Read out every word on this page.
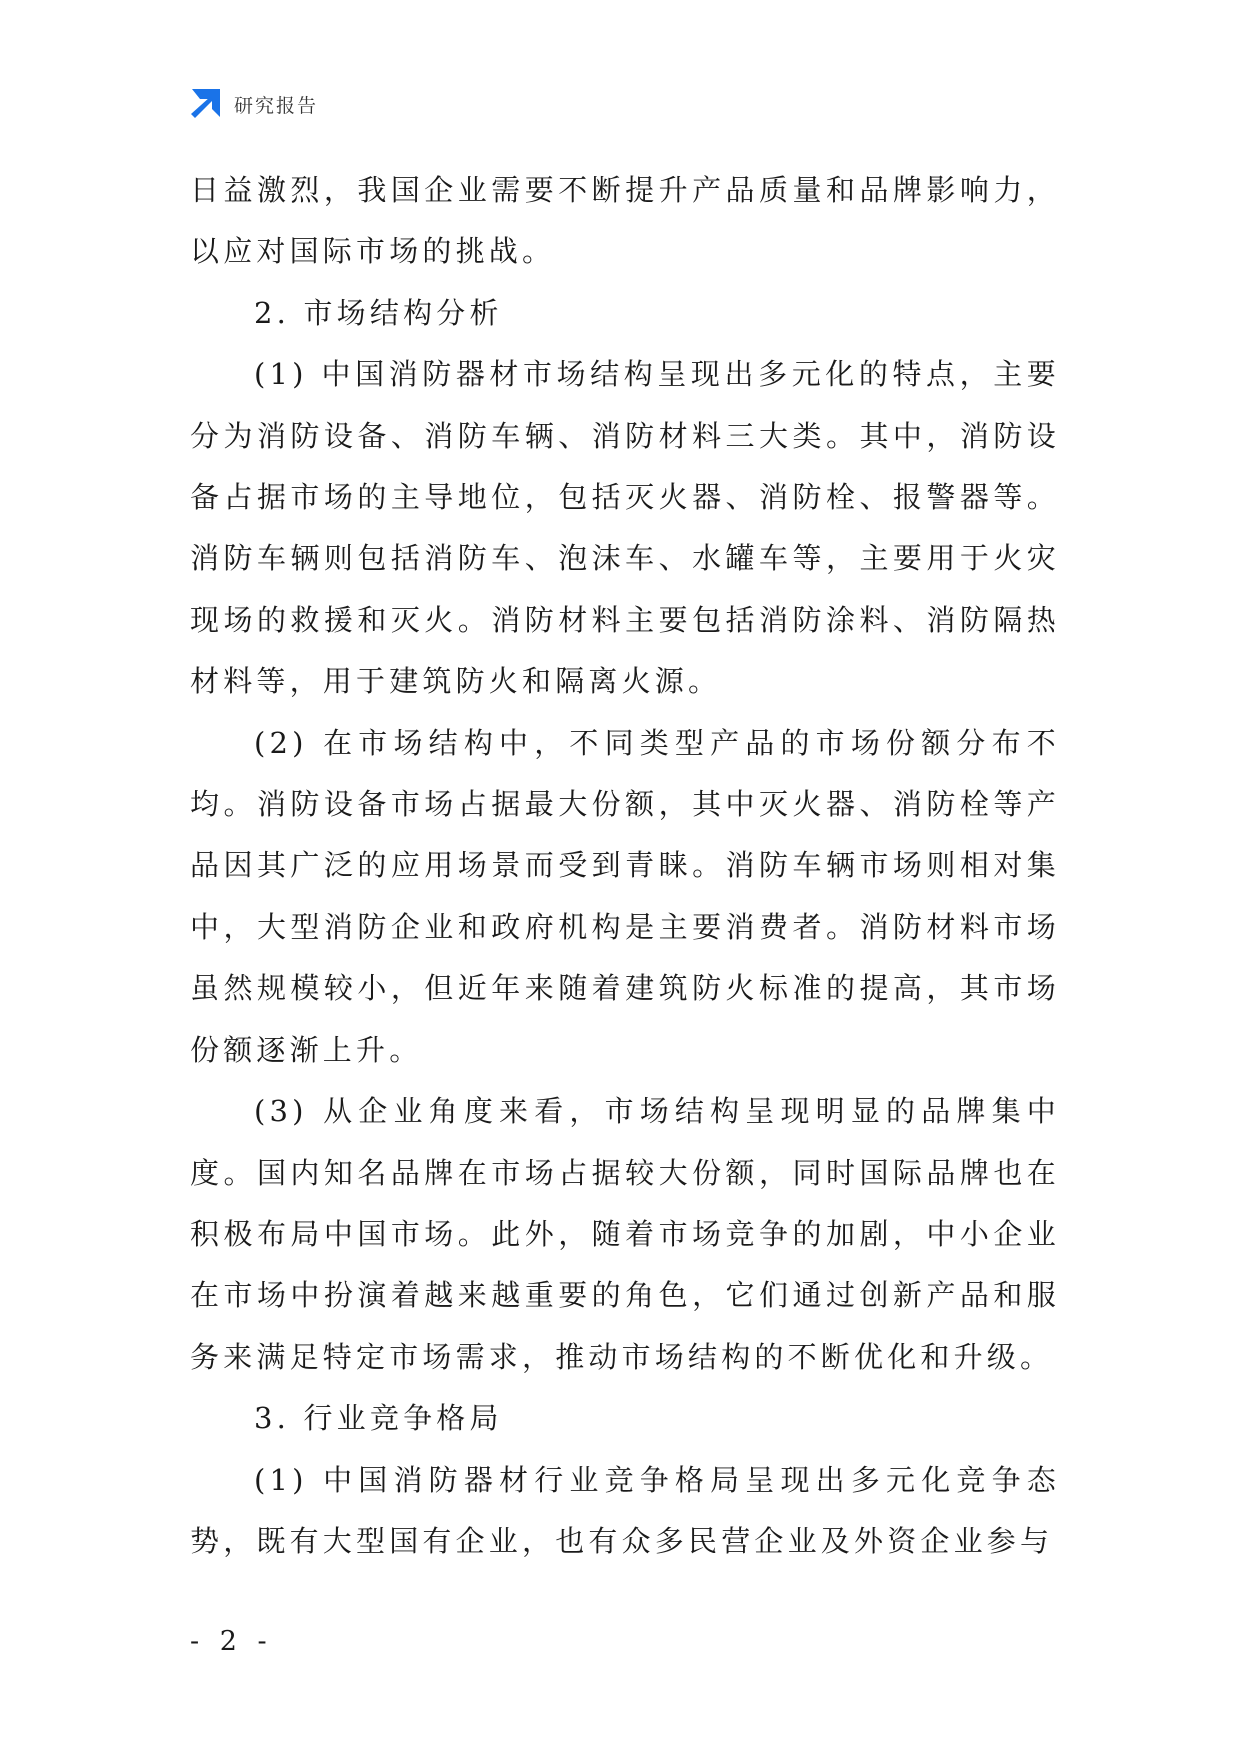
研究报告

日益激烈，我国企业需要不断提升产品质量和品牌影响力，以应对国际市场的挑战。

2. 市场结构分析

(1) 中国消防器材市场结构呈现出多元化的特点，主要分为消防设备、消防车辆、消防材料三大类。其中，消防设备占据市场的主导地位，包括灭火器、消防栓、报警器等。消防车辆则包括消防车、泡沫车、水罐车等，主要用于火灾现场的救援和灭火。消防材料主要包括消防涂料、消防隔热材料等，用于建筑防火和隔离火源。

(2) 在市场结构中，不同类型产品的市场份额分布不均。消防设备市场占据最大份额，其中灭火器、消防栓等产品因其广泛的应用场景而受到青睐。消防车辆市场则相对集中，大型消防企业和政府机构是主要消费者。消防材料市场虽然规模较小，但近年来随着建筑防火标准的提高，其市场份额逐渐上升。

(3) 从企业角度来看，市场结构呈现明显的品牌集中度。国内知名品牌在市场占据较大份额，同时国际品牌也在积极布局中国市场。此外，随着市场竞争的加剧，中小企业在市场中扮演着越来越重要的角色，它们通过创新产品和服务来满足特定市场需求，推动市场结构的不断优化和升级。

3. 行业竞争格局

(1) 中国消防器材行业竞争格局呈现出多元化竞争态势，既有大型国有企业，也有众多民营企业及外资企业参与

- 2 -
